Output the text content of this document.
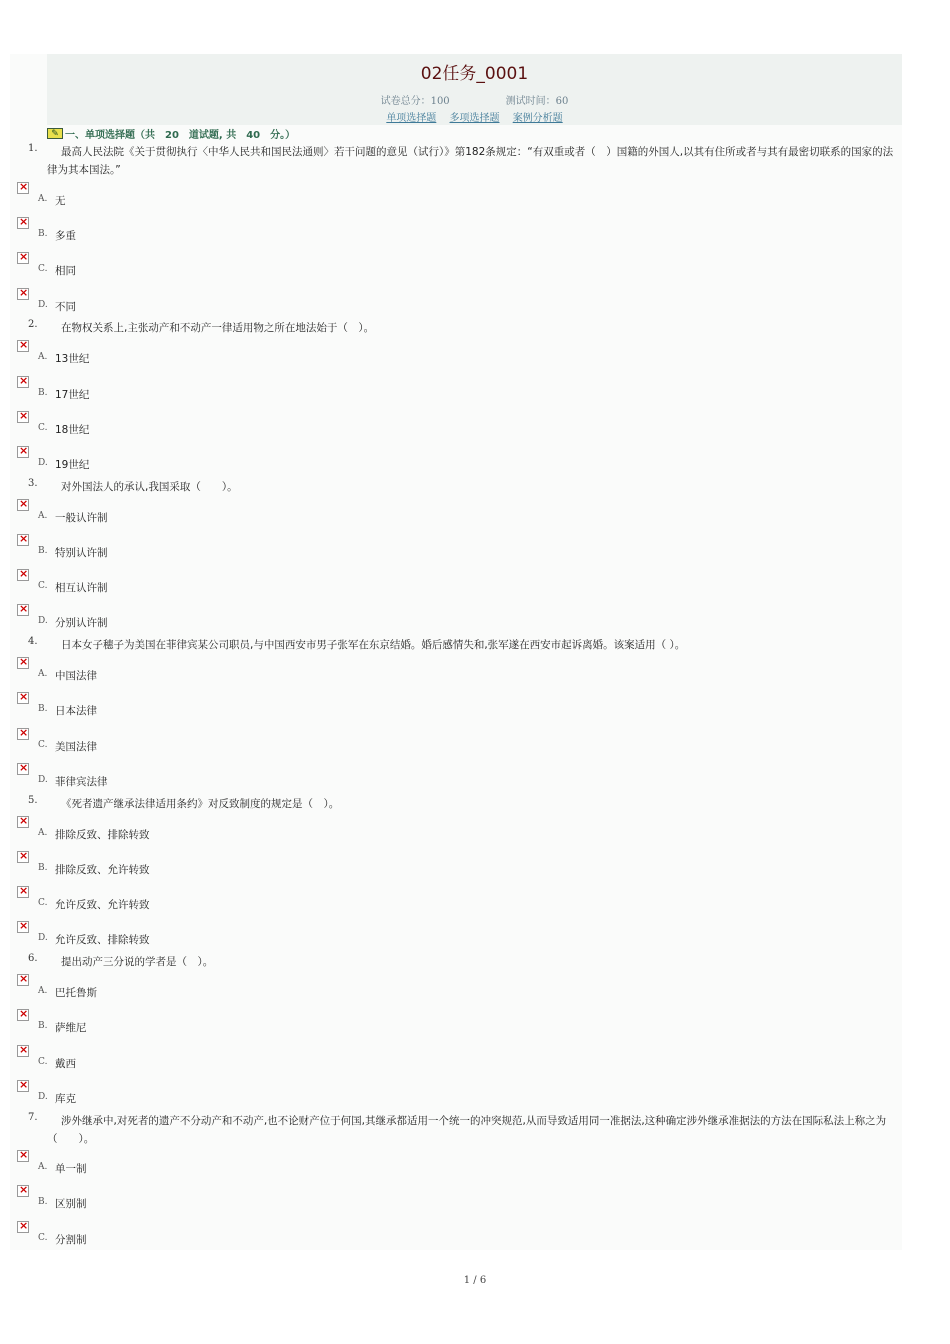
02任务_0001
试卷总分：100	测试时间：60
单项选择题 多项选择题 案例分析题
✎ 一、单项选择题（共　20　道试题, 共　40　分。）
1.	最高人民法院《关于贯彻执行〈中华人民共和国民法通则〉若干问题的意见（试行）》第182条规定：“有双重或者（　）国籍的外国人,以其有住所或者与其有最密切联系的国家的法律为其本国法。”
×
A. 无
×
B. 多重
×
C. 相同
×
D. 不同
2.	在物权关系上,主张动产和不动产一律适用物之所在地法始于（　）。
×
A. 13世纪
×
B. 17世纪
×
C. 18世纪
×
D. 19世纪
3.	对外国法人的承认,我国采取（　　）。
×
A. 一般认许制
×
B. 特别认许制
×
C. 相互认许制
×
D. 分别认许制
4.	日本女子穗子为美国在菲律宾某公司职员,与中国西安市男子张军在东京结婚。婚后感情失和,张军遂在西安市起诉离婚。该案适用（ ）。
×
A. 中国法律
×
B. 日本法律
×
C. 美国法律
×
D. 菲律宾法律
5.	《死者遗产继承法律适用条约》对反致制度的规定是（　）。
×
A. 排除反致、排除转致
×
B. 排除反致、允许转致
×
C. 允许反致、允许转致
×
D. 允许反致、排除转致
6.	提出动产三分说的学者是（　）。
×
A. 巴托鲁斯
×
B. 萨维尼
×
C. 戴西
×
D. 库克
7.	涉外继承中,对死者的遗产不分动产和不动产,也不论财产位于何国,其继承都适用一个统一的冲突规范,从而导致适用同一准据法,这种确定涉外继承准据法的方法在国际私法上称之为（　　）。
×
A. 单一制
×
B. 区别制
×
C. 分割制
1 / 6
